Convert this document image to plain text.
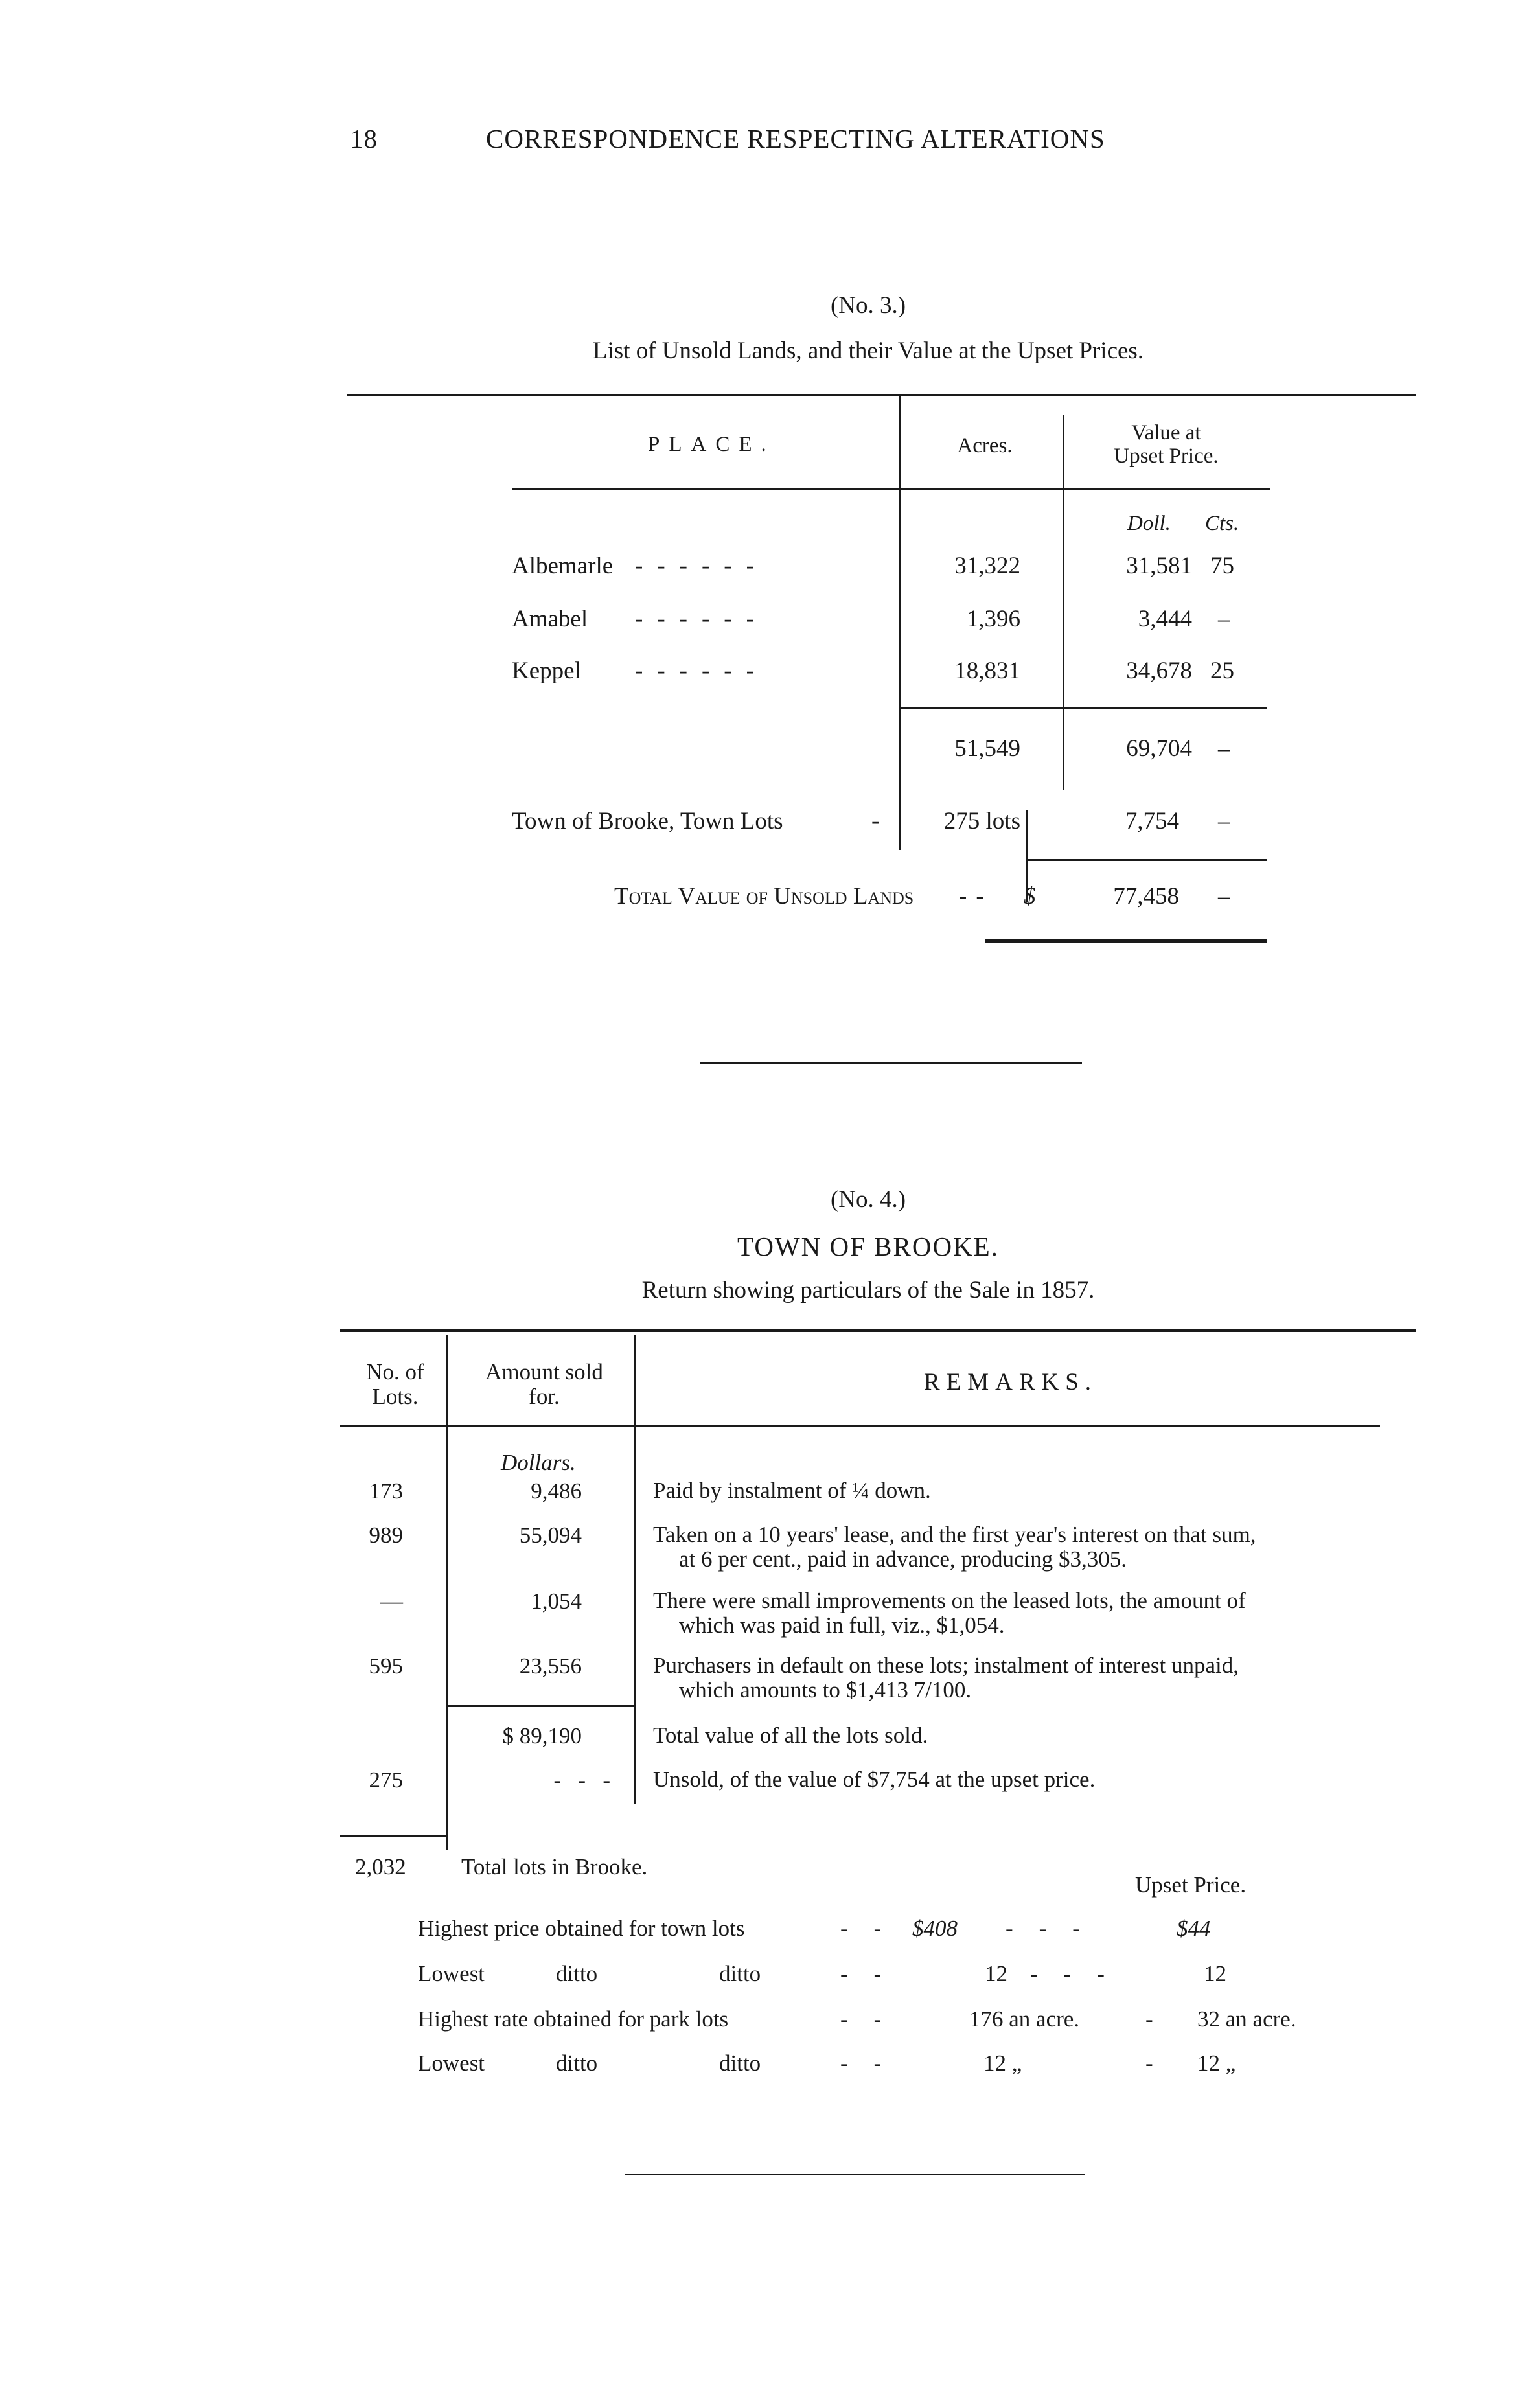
18	CORRESPONDENCE RESPECTING ALTERATIONS
(No. 3.)
List of Unsold Lands, and their Value at the Upset Prices.
PLACE.	Acres.
Value at
Upset Price.
Doll. Cts.
Albemarle ------	31,322	31,581 75
Amabel ------	1,396	3,444 –
Keppel ------	18,831	34,678 25
51,549	69,704 –
Town of Brooke, Town Lots	-	275 lots	7,754 –
Total Value of Unsold Lands -- $	77,458 –
(No. 4.)
TOWN OF BROOKE.
Return showing particulars of the Sale in 1857.
No. of
Lots.
Amount sold
for.
REMARKS.
Dollars.
173	9,486	Paid by instalment of ¼ down.
989	55,094	Taken on a 10 years' lease, and the first year's interest on that sum,
at 6 per cent., paid in advance, producing $3,305.
—	1,054	There were small improvements on the leased lots, the amount of
which was paid in full, viz., $1,054.
595	23,556	Purchasers in default on these lots; instalment of interest unpaid,
which amounts to $1,413 7/100.
$ 89,190	Total value of all the lots sold.
275	-   -   - Unsold, of the value of $7,754 at the upset price.
2,032 Total lots in Brooke.
Upset Price.
Highest price obtained for town lots	-- $408 ---	$44
Lowest	ditto	ditto	--	12 ---	12
Highest rate obtained for park lots	--	176 an acre.	- 32 an acre.
Lowest	ditto	ditto	--	12 „	- 12 „
